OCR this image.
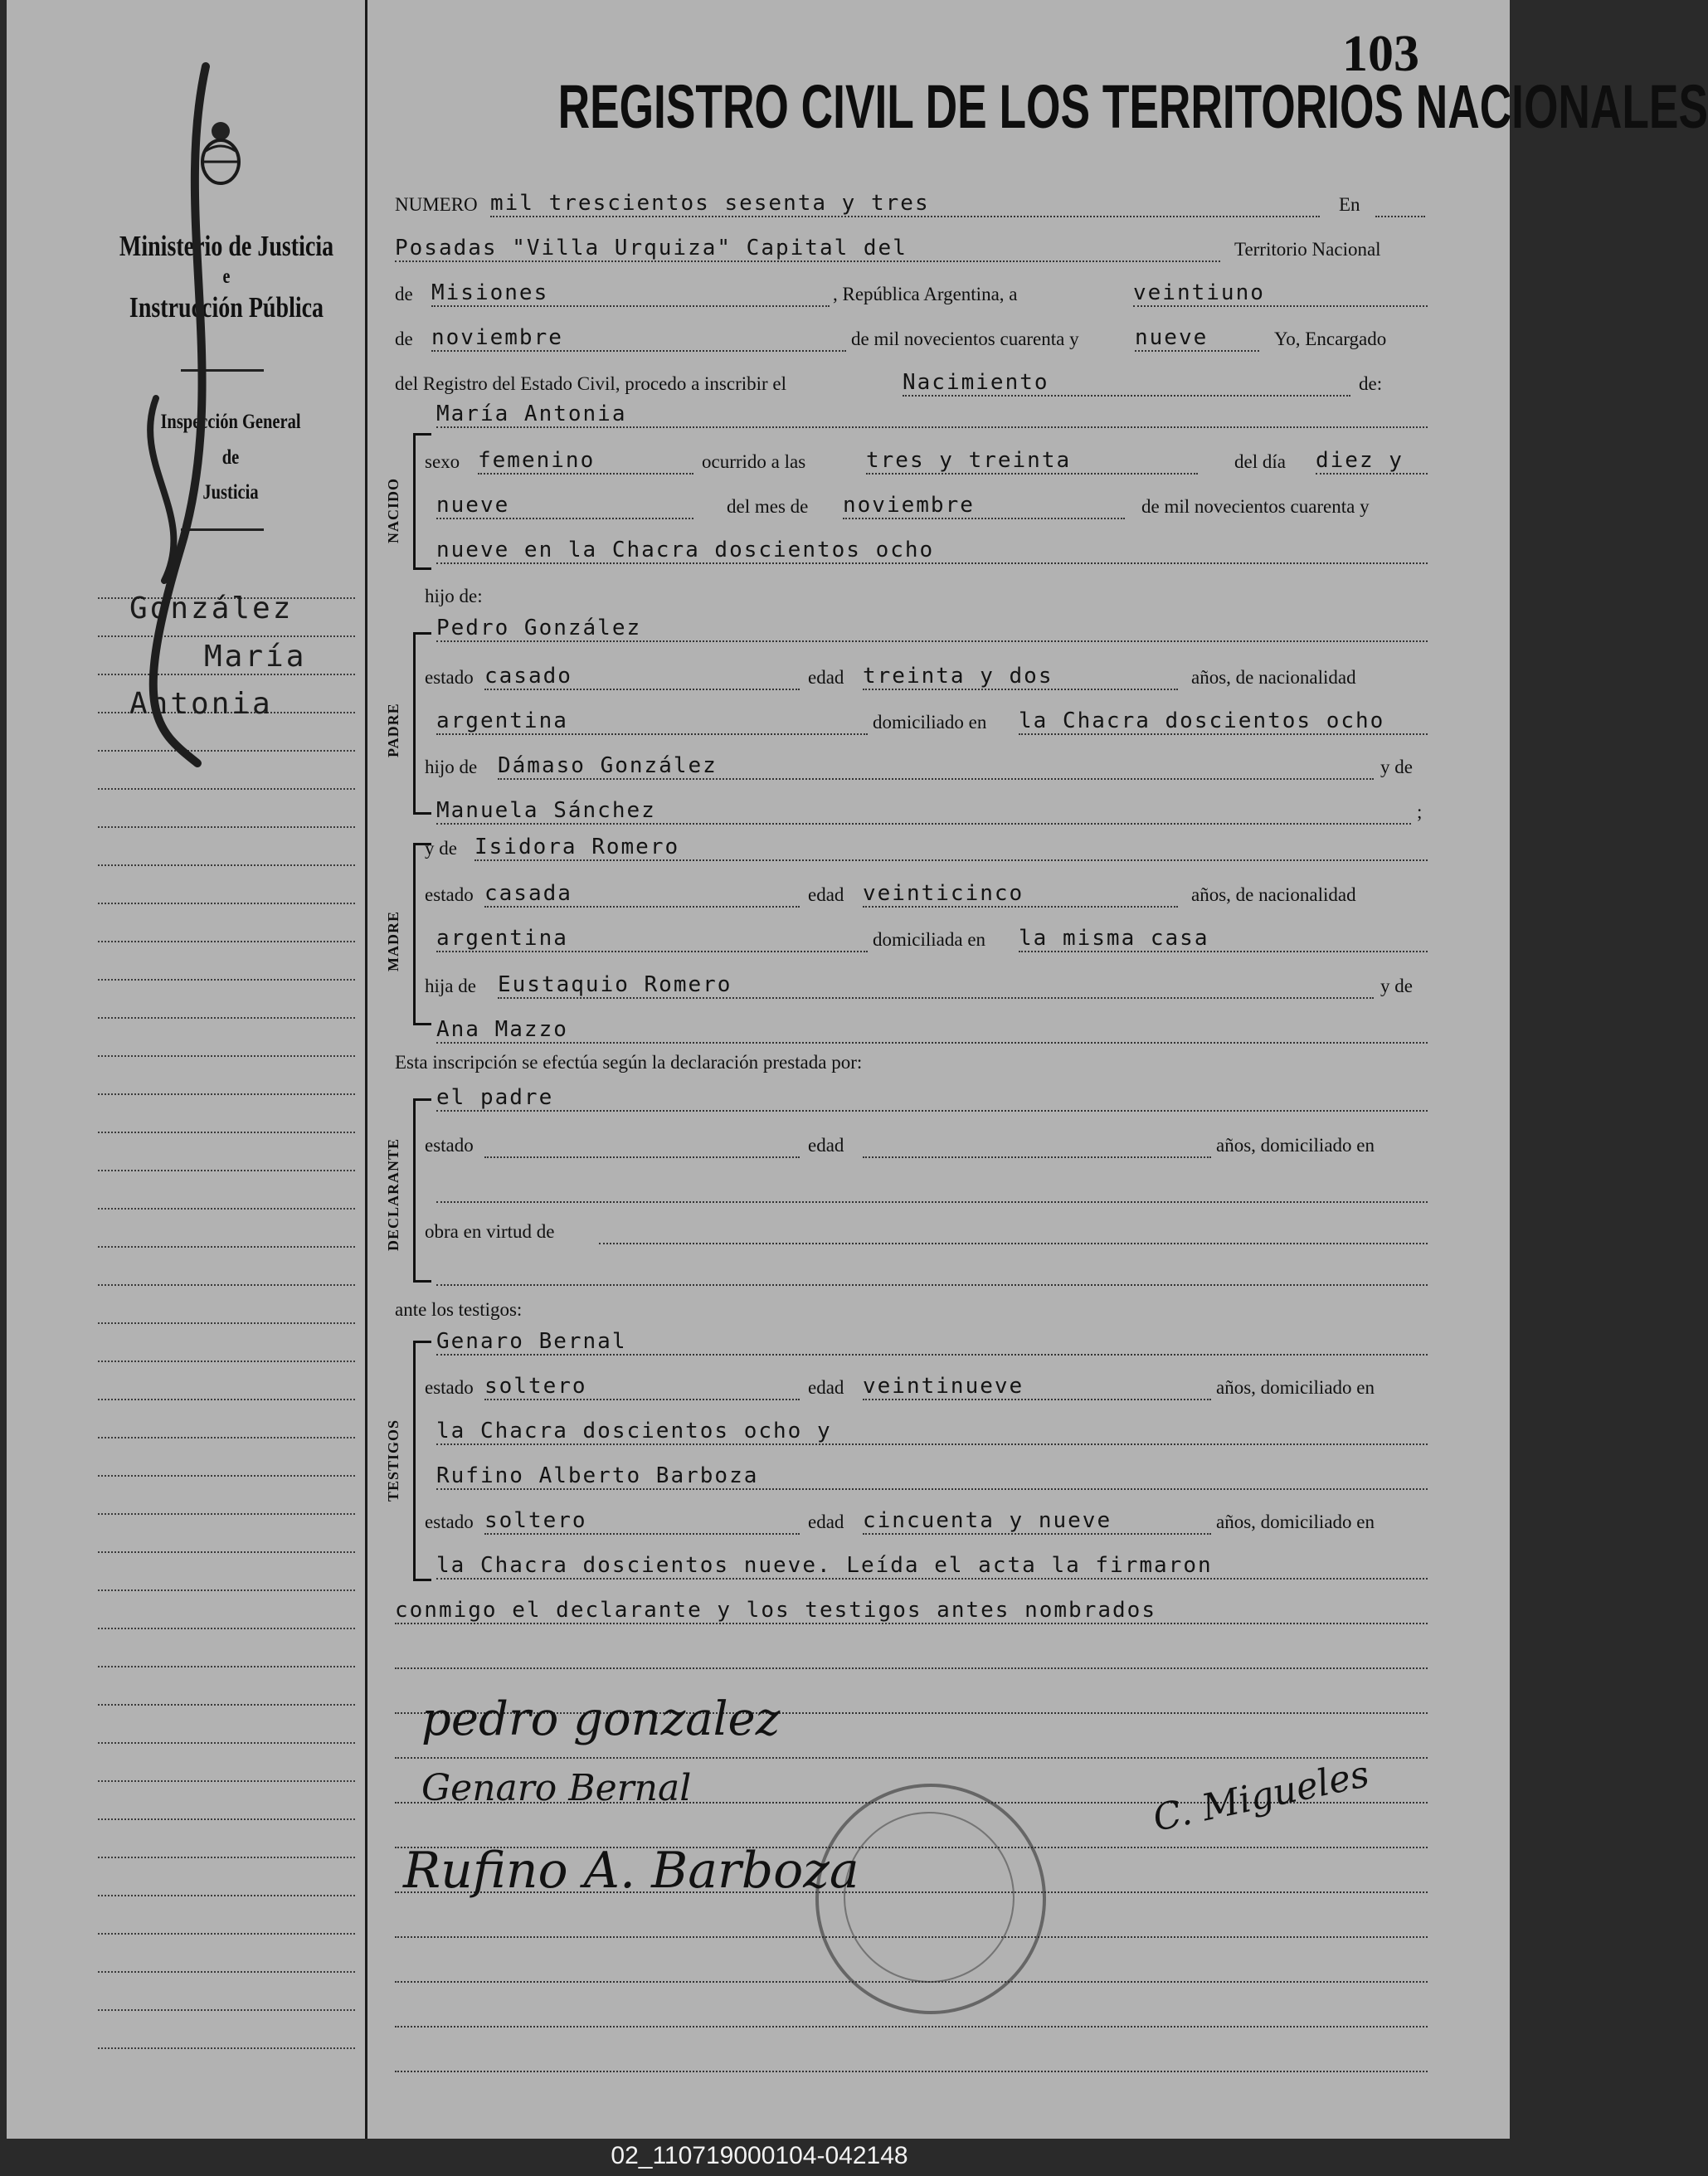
Ministerio de Justicia
e
Instrucción Pública
Inspección General
de
Justicia
González
María
Antonia
103
REGISTRO CIVIL DE LOS TERRITORIOS NACIONALES
NUMERO mil trescientos sesenta y tres	En
Posadas "Villa Urquiza" Capital del	Territorio Nacional
de Misiones	, República Argentina, a	veintiuno
de noviembre	de mil novecientos cuarenta y	nueve	Yo, Encargado
del Registro del Estado Civil, procedo a inscribir el	Nacimiento	de:
NACIDO
María Antonia
sexo femenino	ocurrido a las	tres y treinta	del día diez y
nueve	del mes de noviembre	de mil novecientos cuarenta y
nueve en la Chacra doscientos ocho
hijo de:
PADRE
Pedro González
estado casado	edad treinta y dos	años, de nacionalidad
argentina	domiciliado en la Chacra doscientos ocho
hijo de Dámaso González	y de
Manuela Sánchez	;
MADRE
y de Isidora Romero
estado casada	edad veinticinco	años, de nacionalidad
argentina	domiciliada en la misma casa
hija de Eustaquio Romero	y de
Ana Mazzo
Esta inscripción se efectúa según la declaración prestada por:
DECLARANTE
el padre
estado	edad	años, domiciliado en
obra en virtud de
ante los testigos:
TESTIGOS
Genaro Bernal
estado soltero	edad veintinueve	años, domiciliado en
la Chacra doscientos ocho y
Rufino Alberto Barboza
estado soltero	edad cincuenta y nueve	años, domiciliado en
la Chacra doscientos nueve. Leída el acta la firmaron
conmigo el declarante y los testigos antes nombrados
pedro gonzalez
Genaro Bernal
Rufino A. Barboza
C. Migueles
02_110719000104-042148
